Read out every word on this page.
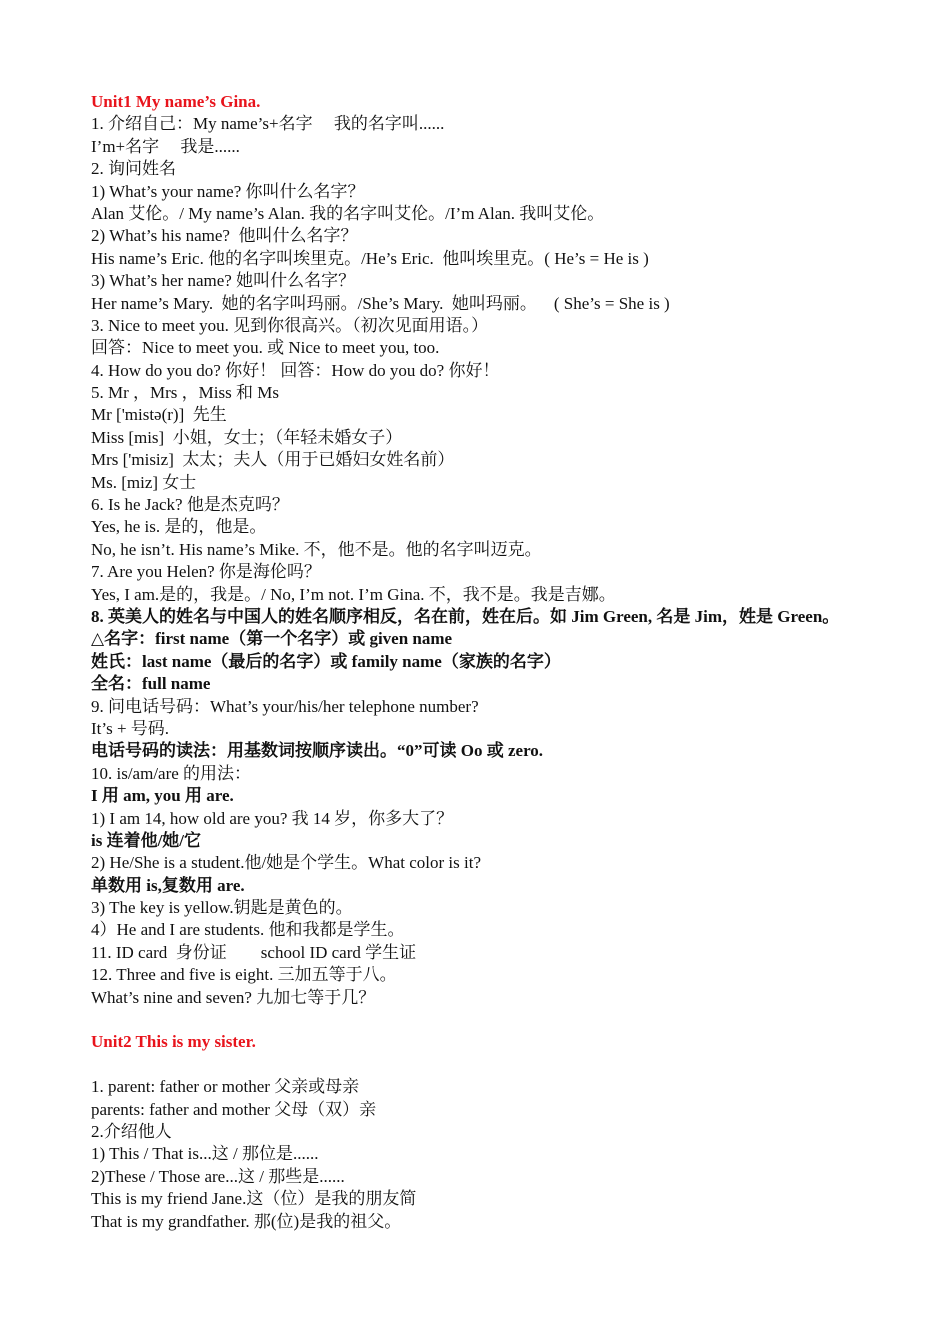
Unit1 My name’s Gina.
1. 介绍自己：My name’s+名字     我的名字叫......
I’m+名字     我是......
2. 询问姓名
1) What’s your name? 你叫什么名字？
Alan 艾伦。/ My name’s Alan. 我的名字叫艾伦。/I’m Alan. 我叫艾伦。
2) What’s his name?  他叫什么名字？
His name’s Eric. 他的名字叫埃里克。/He’s Eric.  他叫埃里克。( He’s = He is )
3) What’s her name? 她叫什么名字？
Her name’s Mary.  她的名字叫玛丽。/She’s Mary.  她叫玛丽。    ( She’s = She is )
3. Nice to meet you. 见到你很高兴。（初次见面用语。）
回答：Nice to meet you. 或 Nice to meet you, too.
4. How do you do? 你好！ 回答：How do you do? 你好！
5. Mr ，Mrs ，Miss 和 Ms
Mr ['mistə(r)]  先生
Miss [mis]  小姐，女士；（年轻未婚女子）
Mrs ['misiz]  太太；夫人（用于已婚妇女姓名前）
Ms. [miz] 女士
6. Is he Jack? 他是杰克吗？
Yes, he is. 是的，他是。
No, he isn’t. His name’s Mike. 不，他不是。他的名字叫迈克。
7. Are you Helen? 你是海伦吗？
Yes, I am.是的，我是。/ No, I’m not. I’m Gina. 不，我不是。我是吉娜。
8. 英美人的姓名与中国人的姓名顺序相反，名在前，姓在后。如 Jim Green, 名是 Jim，姓是 Green。
△名字：first name（第一个名字）或 given name
姓氏：last name（最后的名字）或 family name（家族的名字）
全名：full name
9. 问电话号码：What’s your/his/her telephone number?
It’s + 号码.
电话号码的读法：用基数词按顺序读出。“0”可读 Oo 或 zero.
10. is/am/are 的用法：
I 用 am, you 用 are.
1) I am 14, how old are you? 我 14 岁，你多大了？
is 连着他/她/它
2) He/She is a student.他/她是个学生。What color is it?
单数用 is,复数用 are.
3) The key is yellow.钥匙是黄色的。
4）He and I are students. 他和我都是学生。
11. ID card  身份证        school ID card 学生证
12. Three and five is eight. 三加五等于八。
What’s nine and seven? 九加七等于几？
Unit2 This is my sister.
1. parent: father or mother 父亲或母亲
parents: father and mother 父母（双）亲
2.介绍他人
1) This / That is...这 / 那位是......
2)These / Those are...这 / 那些是......
This is my friend Jane.这（位）是我的朋友简
That is my grandfather. 那(位)是我的祖父。
